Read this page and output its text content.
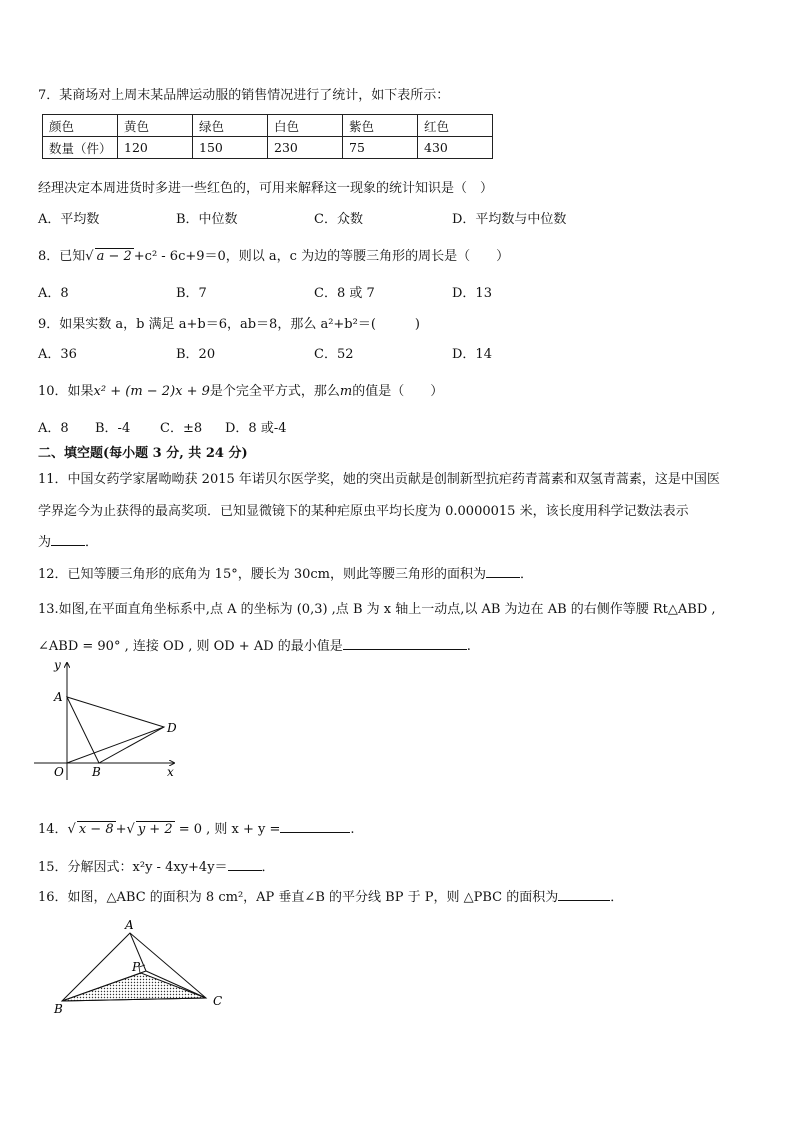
7．某商场对上周末某品牌运动服的销售情况进行了统计，如下表所示：
颜色	黄色	绿色	白色	紫色	红色
数量（件）	120	150	230	75	430
经理决定本周进货时多进一些红色的，可用来解释这一现象的统计知识是（　）
A．平均数	B．中位数	C．众数	D．平均数与中位数
8．已知√ a − 2 +c² - 6c+9＝0，则以 a，c 为边的等腰三角形的周长是（　　）
A．8	B．7	C．8 或 7	D．13
9．如果实数 a，b 满足 a+b＝6，ab＝8，那么 a²+b²＝(　　　)
A．36	B．20	C．52	D．14
10．如果x² + (m − 2)x + 9是个完全平方式，那么m的值是（　　）
A．8 B．-4 C．±8 D．8 或-4
二、填空题(每小题 3 分, 共 24 分)
11．中国女药学家屠呦呦获 2015 年诺贝尔医学奖，她的突出贡献是创制新型抗疟药青蒿素和双氢青蒿素，这是中国医
学界迄今为止获得的最高奖项．已知显微镜下的某种疟原虫平均长度为 0.0000015 米，该长度用科学记数法表示
为	．
12．已知等腰三角形的底角为 15°，腰长为 30cm，则此等腰三角形的面积为	．
13.如图,在平面直角坐标系中,点 A 的坐标为 (0,3) ,点 B 为 x 轴上一动点,以 AB 为边在 AB 的右侧作等腰 Rt△ABD ,
∠ABD = 90° , 连接 OD , 则 OD + AD 的最小值是	.
y
A
D
O B	x
14．√ x − 8 +√ y + 2 = 0 , 则 x + y =	.
15．分解因式：x²y - 4xy+4y＝	．
16．如图，△ABC 的面积为 8 cm²，AP 垂直∠B 的平分线 BP 于 P，则 △PBC 的面积为	．
A
P
B
C
